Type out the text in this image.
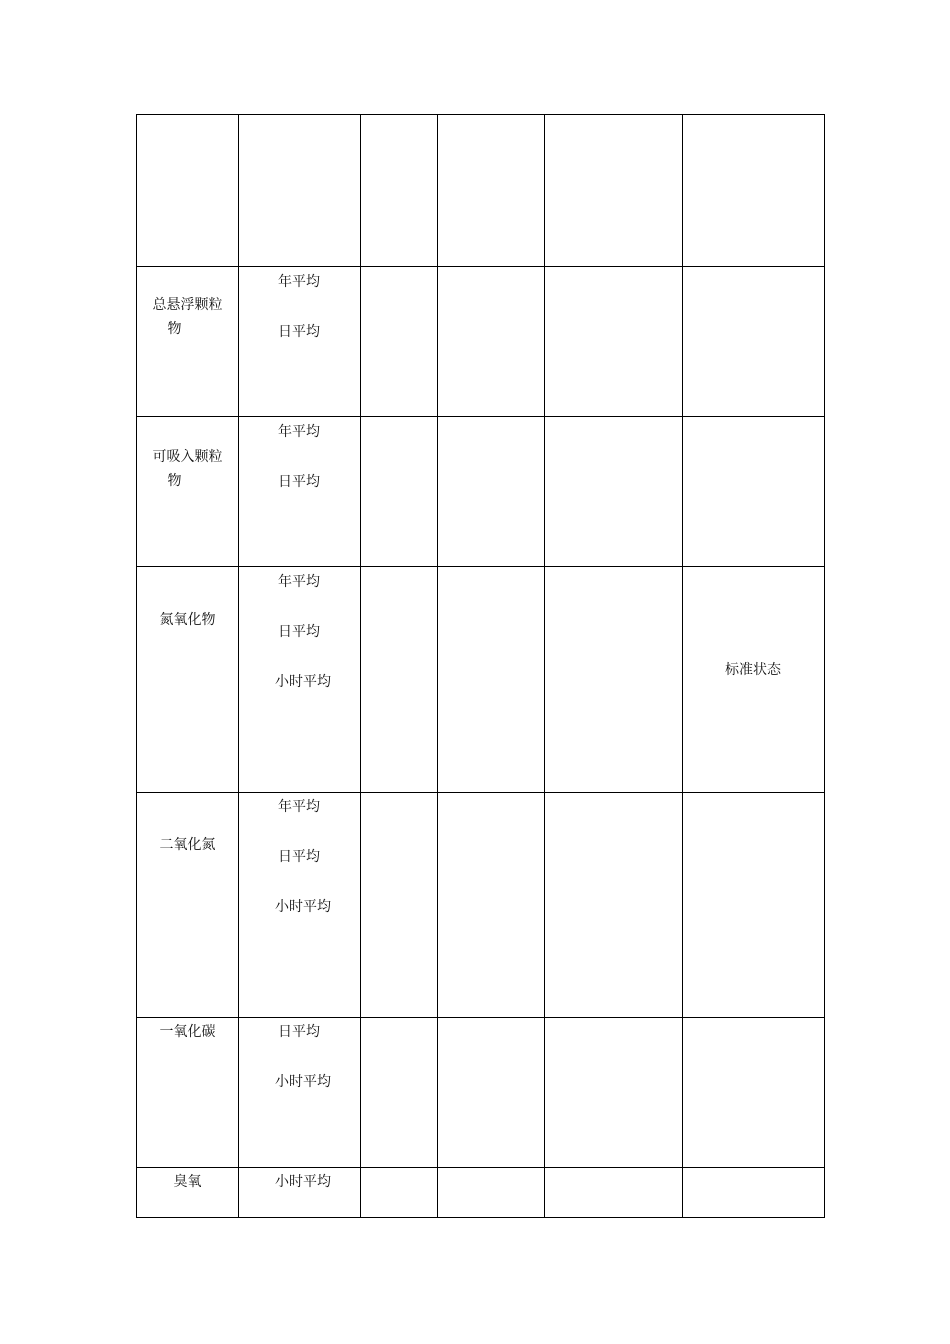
总悬浮颗粒
物
年平均
日平均
可吸入颗粒
物
年平均
日平均
氮氧化物
年平均
日平均
小时平均
标准状态
二氧化氮
年平均
日平均
小时平均
一氧化碳	日平均
小时平均
臭氧	小时平均
